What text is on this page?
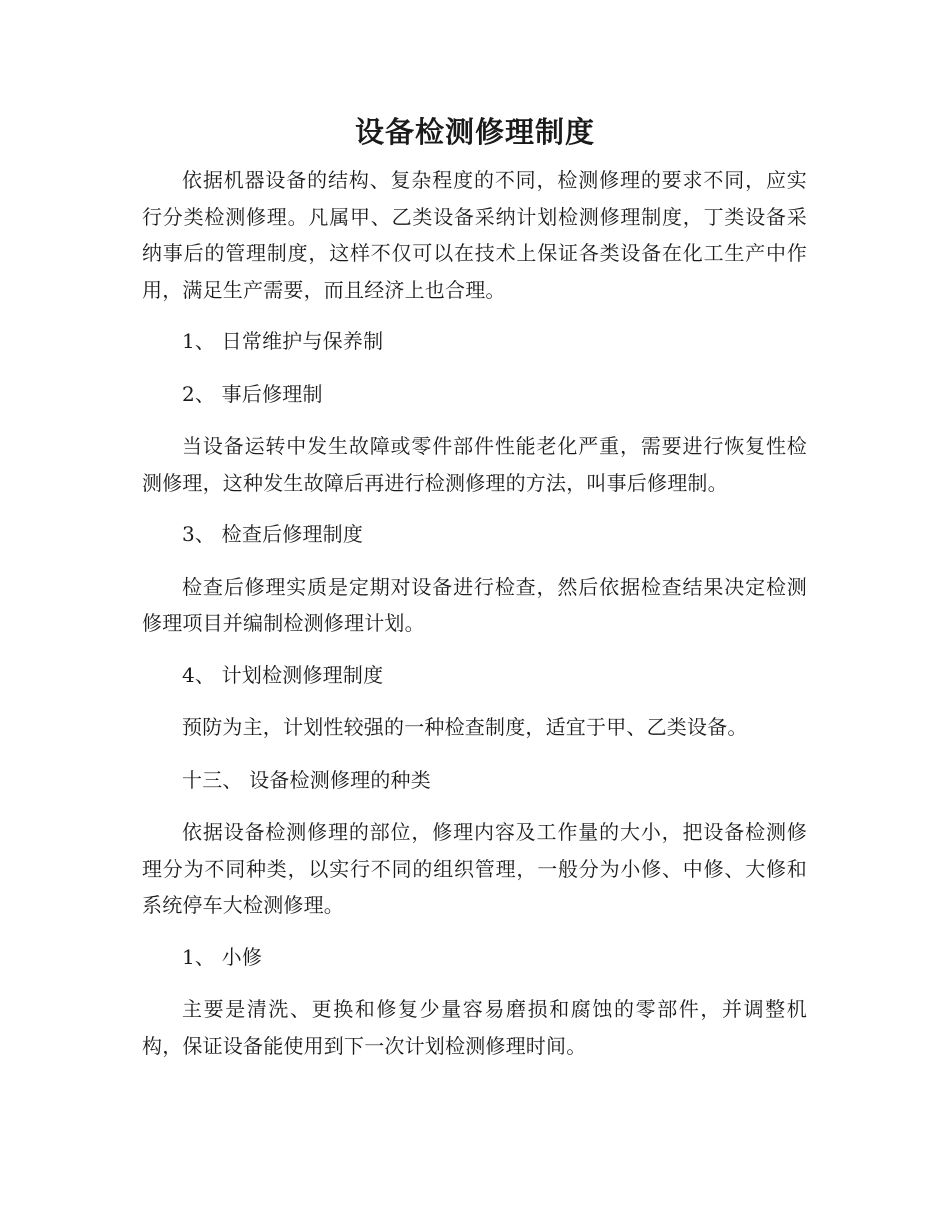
设备检测修理制度

依据机器设备的结构、复杂程度的不同，检测修理的要求不同，应实行分类检测修理。凡属甲、乙类设备采纳计划检测修理制度，丁类设备采纳事后的管理制度，这样不仅可以在技术上保证各类设备在化工生产中作用，满足生产需要，而且经济上也合理。

1、 日常维护与保养制

2、 事后修理制

当设备运转中发生故障或零件部件性能老化严重，需要进行恢复性检测修理，这种发生故障后再进行检测修理的方法，叫事后修理制。

3、 检查后修理制度

检查后修理实质是定期对设备进行检查，然后依据检查结果决定检测修理项目并编制检测修理计划。

4、 计划检测修理制度

预防为主，计划性较强的一种检查制度，适宜于甲、乙类设备。

十三、 设备检测修理的种类

依据设备检测修理的部位，修理内容及工作量的大小，把设备检测修理分为不同种类，以实行不同的组织管理，一般分为小修、中修、大修和系统停车大检测修理。

1、 小修

主要是清洗、更换和修复少量容易磨损和腐蚀的零部件，并调整机构，保证设备能使用到下一次计划检测修理时间。
